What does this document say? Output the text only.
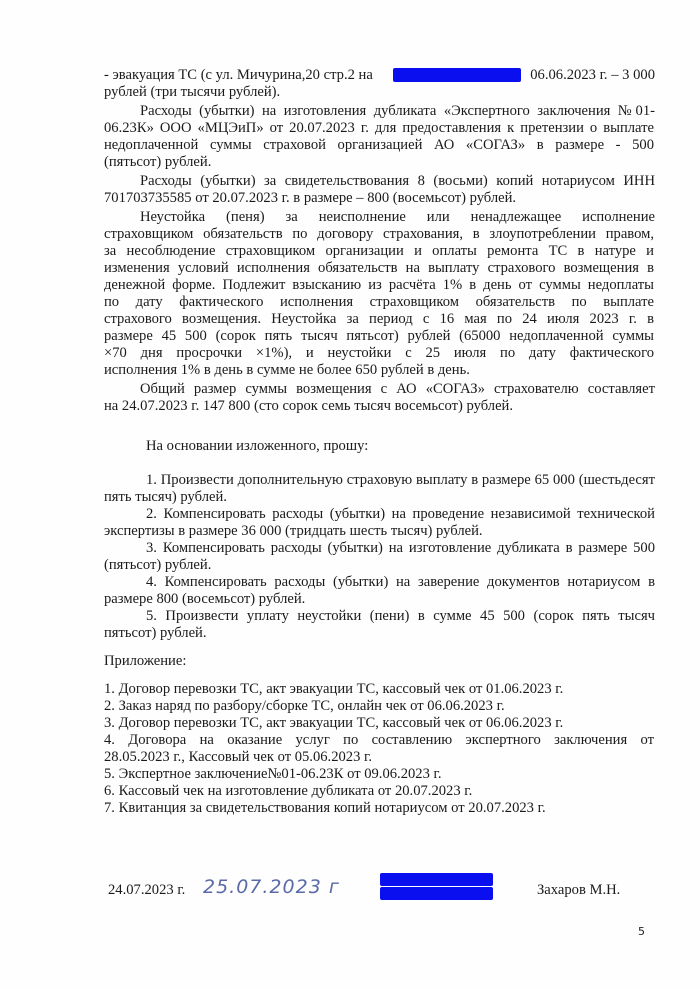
- эвакуация ТС (с ул. Мичурина,20 стр.2 на	06.06.2023 г. – 3 000
рублей (три тысячи рублей).
Расходы (убытки) на изготовления дубликата «Экспертного заключения №01-
06.23К» ООО «МЦЭиП» от 20.07.2023 г. для предоставления к претензии о выплате
недоплаченной суммы страховой организацией АО «СОГАЗ» в размере - 500
(пятьсот) рублей.
Расходы (убытки) за свидетельствования 8 (восьми) копий нотариусом ИНН
701703735585 от 20.07.2023 г. в размере – 800 (восемьсот) рублей.
Неустойка (пеня) за неисполнение или ненадлежащее исполнение
страховщиком обязательств по договору страхования, в злоупотреблении правом,
за несоблюдение страховщиком организации и оплаты ремонта ТС в натуре и
изменения условий исполнения обязательств на выплату страхового возмещения в
денежной форме. Подлежит взысканию из расчёта 1% в день от суммы недоплаты
по дату фактического исполнения страховщиком обязательств по выплате
страхового возмещения. Неустойка за период с 16 мая по 24 июля 2023 г. в
размере 45 500 (сорок пять тысяч пятьсот) рублей (65000 недоплаченной суммы
×70 дня просрочки ×1%), и неустойки с 25 июля по дату фактического
исполнения 1% в день в сумме не более 650 рублей в день.
Общий размер суммы возмещения с АО «СОГАЗ» страхователю составляет
на 24.07.2023 г. 147 800 (сто сорок семь тысяч восемьсот) рублей.
На основании изложенного, прошу:
1. Произвести дополнительную страховую выплату в размере 65 000 (шестьдесят
пять тысяч) рублей.
2. Компенсировать расходы (убытки) на проведение независимой технической
экспертизы в размере 36 000 (тридцать шесть тысяч) рублей.
3. Компенсировать расходы (убытки) на изготовление дубликата в размере 500
(пятьсот) рублей.
4. Компенсировать расходы (убытки) на заверение документов нотариусом в
размере 800 (восемьсот) рублей.
5. Произвести уплату неустойки (пени) в сумме 45 500 (сорок пять тысяч
пятьсот) рублей.
Приложение:
1. Договор перевозки ТС, акт эвакуации ТС, кассовый чек от 01.06.2023 г.
2. Заказ наряд по разбору/сборке ТС, онлайн чек от 06.06.2023 г.
3. Договор перевозки ТС, акт эвакуации ТС, кассовый чек от 06.06.2023 г.
4. Договора на оказание услуг по составлению экспертного заключения от
28.05.2023 г., Кассовый чек от 05.06.2023 г.
5. Экспертное заключение№01-06.23К от 09.06.2023 г.
6. Кассовый чек на изготовление дубликата от 20.07.2023 г.
7. Квитанция за свидетельствования копий нотариусом от 20.07.2023 г.
24.07.2023 г. 25.07.2023 г	Захаров М.Н.
5
